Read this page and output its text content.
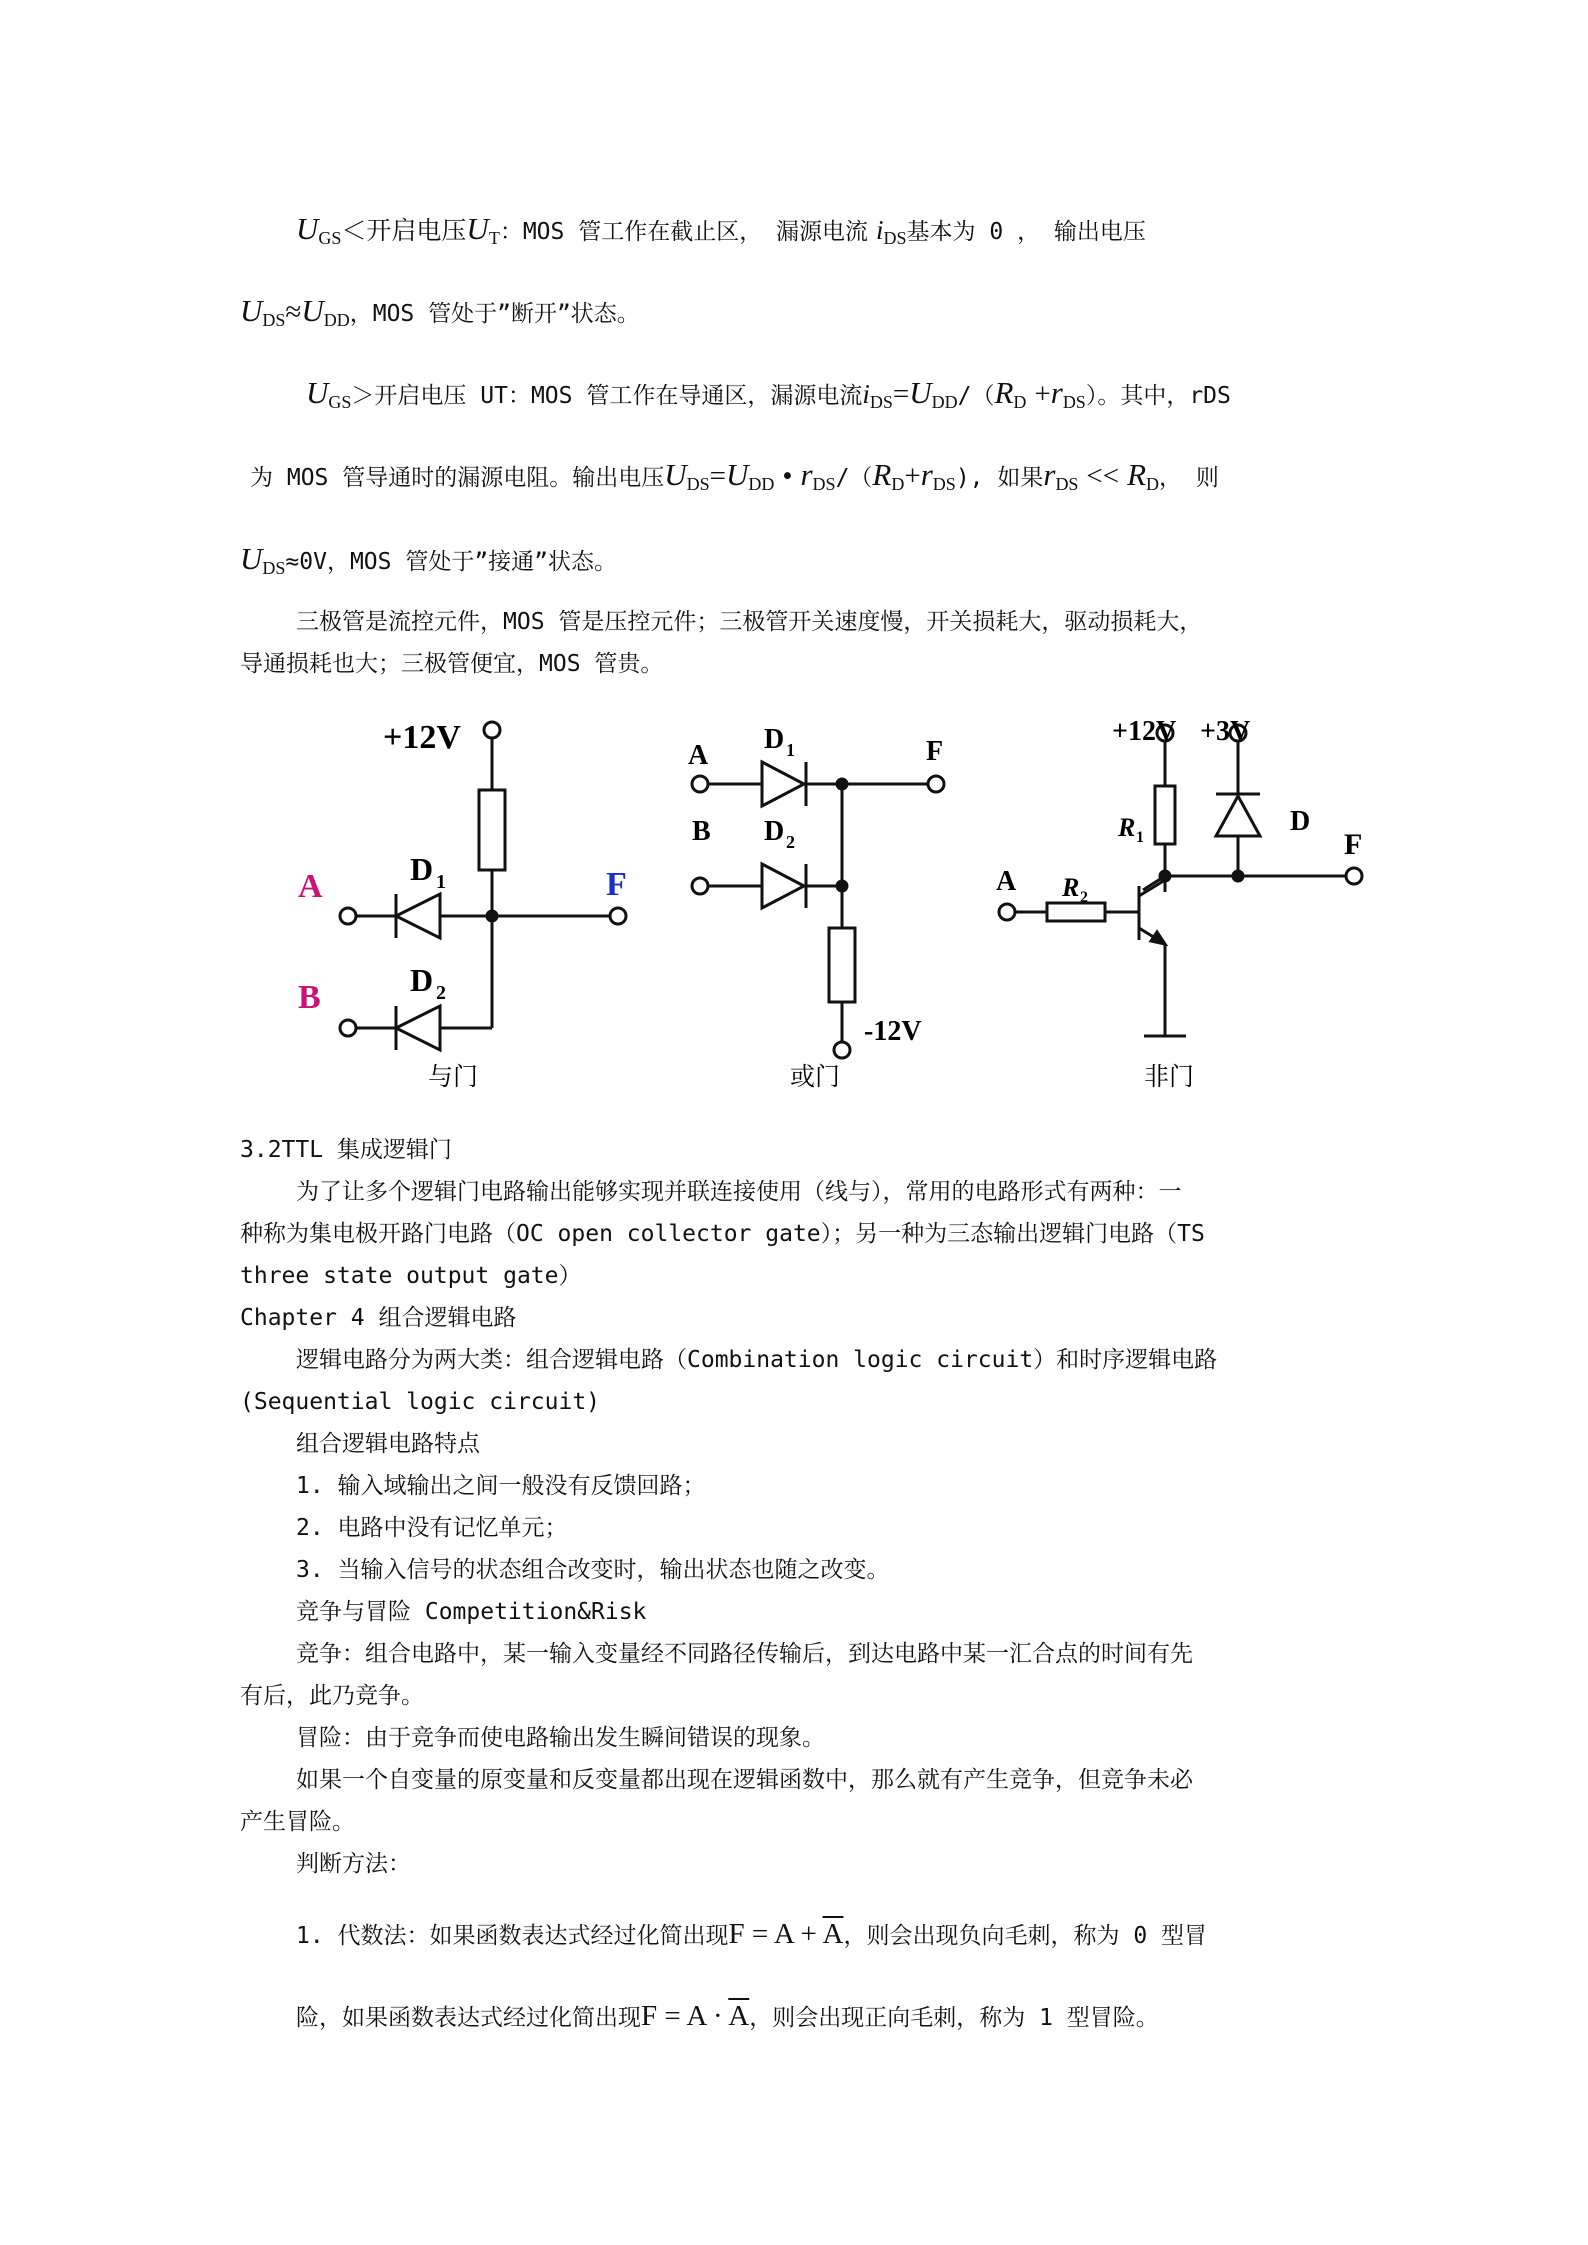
$U_{GS}<$开启电压$U_T$：MOS 管工作在截止区， 漏源电流 $i_{DS}$基本为 0 ， 输出电压
$U_{DS}\approx U_{DD}$，MOS 管处于”断开”状态。
$U_{GS}>$开启电压 UT：MOS 管工作在导通区，漏源电流$i_{DS}=U_{DD}/(R_D +r_{DS})$。其中，rDS
为 MOS 管导通时的漏源电阻。输出电压$U_{DS}=U_{DD}$ • $r_{DS}/(R_D+r_{DS})$, 如果$r_{DS} << R_D$， 则
$U_{DS}\approx 0V$，MOS 管处于”接通”状态。
三极管是流控元件，MOS 管是压控元件；三极管开关速度慢，开关损耗大，驱动损耗大，
导通损耗也大；三极管便宜，MOS 管贵。
+12V
A
B
D 1
D 2
F
A
D 1	F
B D 2
-12V
+12V +3V
R 1
D
F
A R 2
与门	或门	非门
3.2TTL 集成逻辑门
为了让多个逻辑门电路输出能够实现并联连接使用（线与），常用的电路形式有两种：一
种称为集电极开路门电路（OC open collector gate）；另一种为三态输出逻辑门电路（TS
three state output gate）
Chapter 4 组合逻辑电路
逻辑电路分为两大类：组合逻辑电路（Combination logic circuit）和时序逻辑电路
(Sequential logic circuit)
组合逻辑电路特点
1. 输入域输出之间一般没有反馈回路；
2. 电路中没有记忆单元；
3. 当输入信号的状态组合改变时，输出状态也随之改变。
竞争与冒险 Competition&Risk
竞争：组合电路中，某一输入变量经不同路径传输后，到达电路中某一汇合点的时间有先
有后，此乃竞争。
冒险：由于竞争而使电路输出发生瞬间错误的现象。
如果一个自变量的原变量和反变量都出现在逻辑函数中，那么就有产生竞争，但竞争未必
产生冒险。
判断方法：
1. 代数法：如果函数表达式经过化简出现$F = A + \overline{A}$，则会出现负向毛刺，称为 0 型冒
险，如果函数表达式经过化简出现$F = A \cdot \overline{A}$，则会出现正向毛刺，称为 1 型冒险。
